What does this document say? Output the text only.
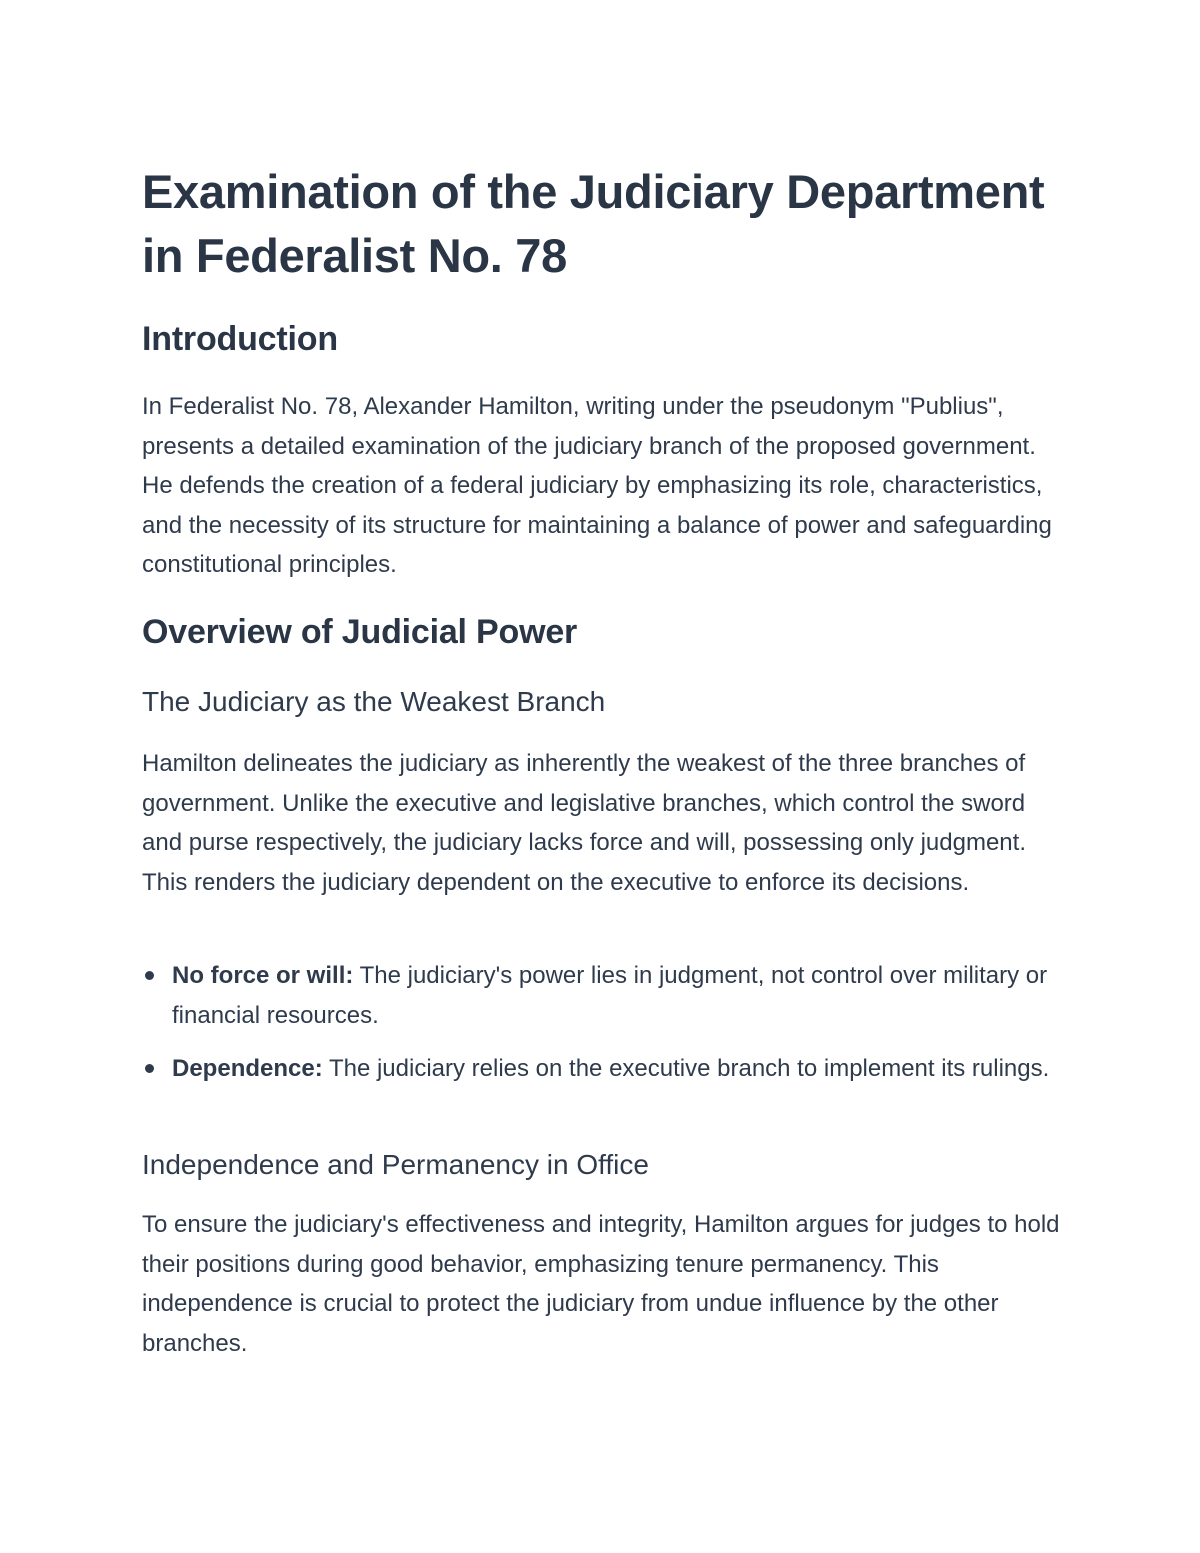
Examination of the Judiciary Department in Federalist No. 78
Introduction

In Federalist No. 78, Alexander Hamilton, writing under the pseudonym "Publius", presents a detailed examination of the judiciary branch of the proposed government. He defends the creation of a federal judiciary by emphasizing its role, characteristics, and the necessity of its structure for maintaining a balance of power and safeguarding constitutional principles.

Overview of Judicial Power
The Judiciary as the Weakest Branch

Hamilton delineates the judiciary as inherently the weakest of the three branches of government. Unlike the executive and legislative branches, which control the sword and purse respectively, the judiciary lacks force and will, possessing only judgment. This renders the judiciary dependent on the executive to enforce its decisions.

No force or will: The judiciary's power lies in judgment, not control over military or financial resources.
Dependence: The judiciary relies on the executive branch to implement its rulings.
Independence and Permanency in Office

To ensure the judiciary's effectiveness and integrity, Hamilton argues for judges to hold their positions during good behavior, emphasizing tenure permanency. This independence is crucial to protect the judiciary from undue influence by the other branches.
